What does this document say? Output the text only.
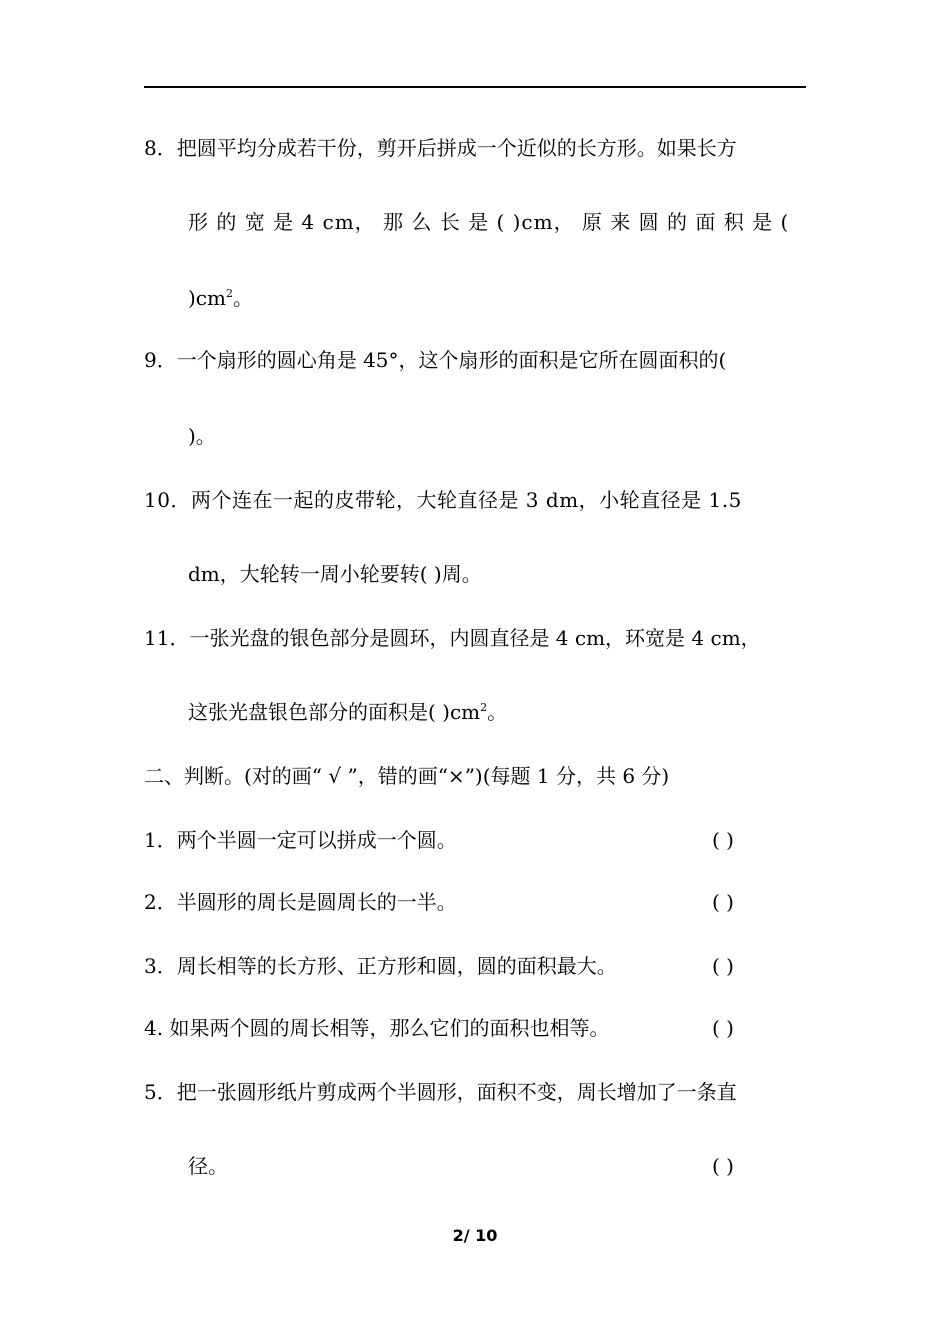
8．把圆平均分成若干份，剪开后拼成一个近似的长方形。如果长方
形 的 宽 是 4 cm， 那 么 长 是 ( )cm， 原 来 圆 的 面 积 是 (
)$cm^2$。
9．一个扇形的圆心角是 45°，这个扇形的面积是它所在圆面积的(
)。
10．两个连在一起的皮带轮，大轮直径是 3 dm，小轮直径是 1.5
dm，大轮转一周小轮要转( )周。
11．一张光盘的银色部分是圆环，内圆直径是 4 cm，环宽是 4 cm，
这张光盘银色部分的面积是( )$cm^2$。
二、判断。(对的画“ √ ”，错的画“×”)(每题 1 分，共 6 分)
1．两个半圆一定可以拼成一个圆。	( )
2．半圆形的周长是圆周长的一半。	( )
3．周长相等的长方形、正方形和圆，圆的面积最大。	( )
4. 如果两个圆的周长相等，那么它们的面积也相等。	( )
5．把一张圆形纸片剪成两个半圆形，面积不变，周长增加了一条直
径。	( )
2/ 10
